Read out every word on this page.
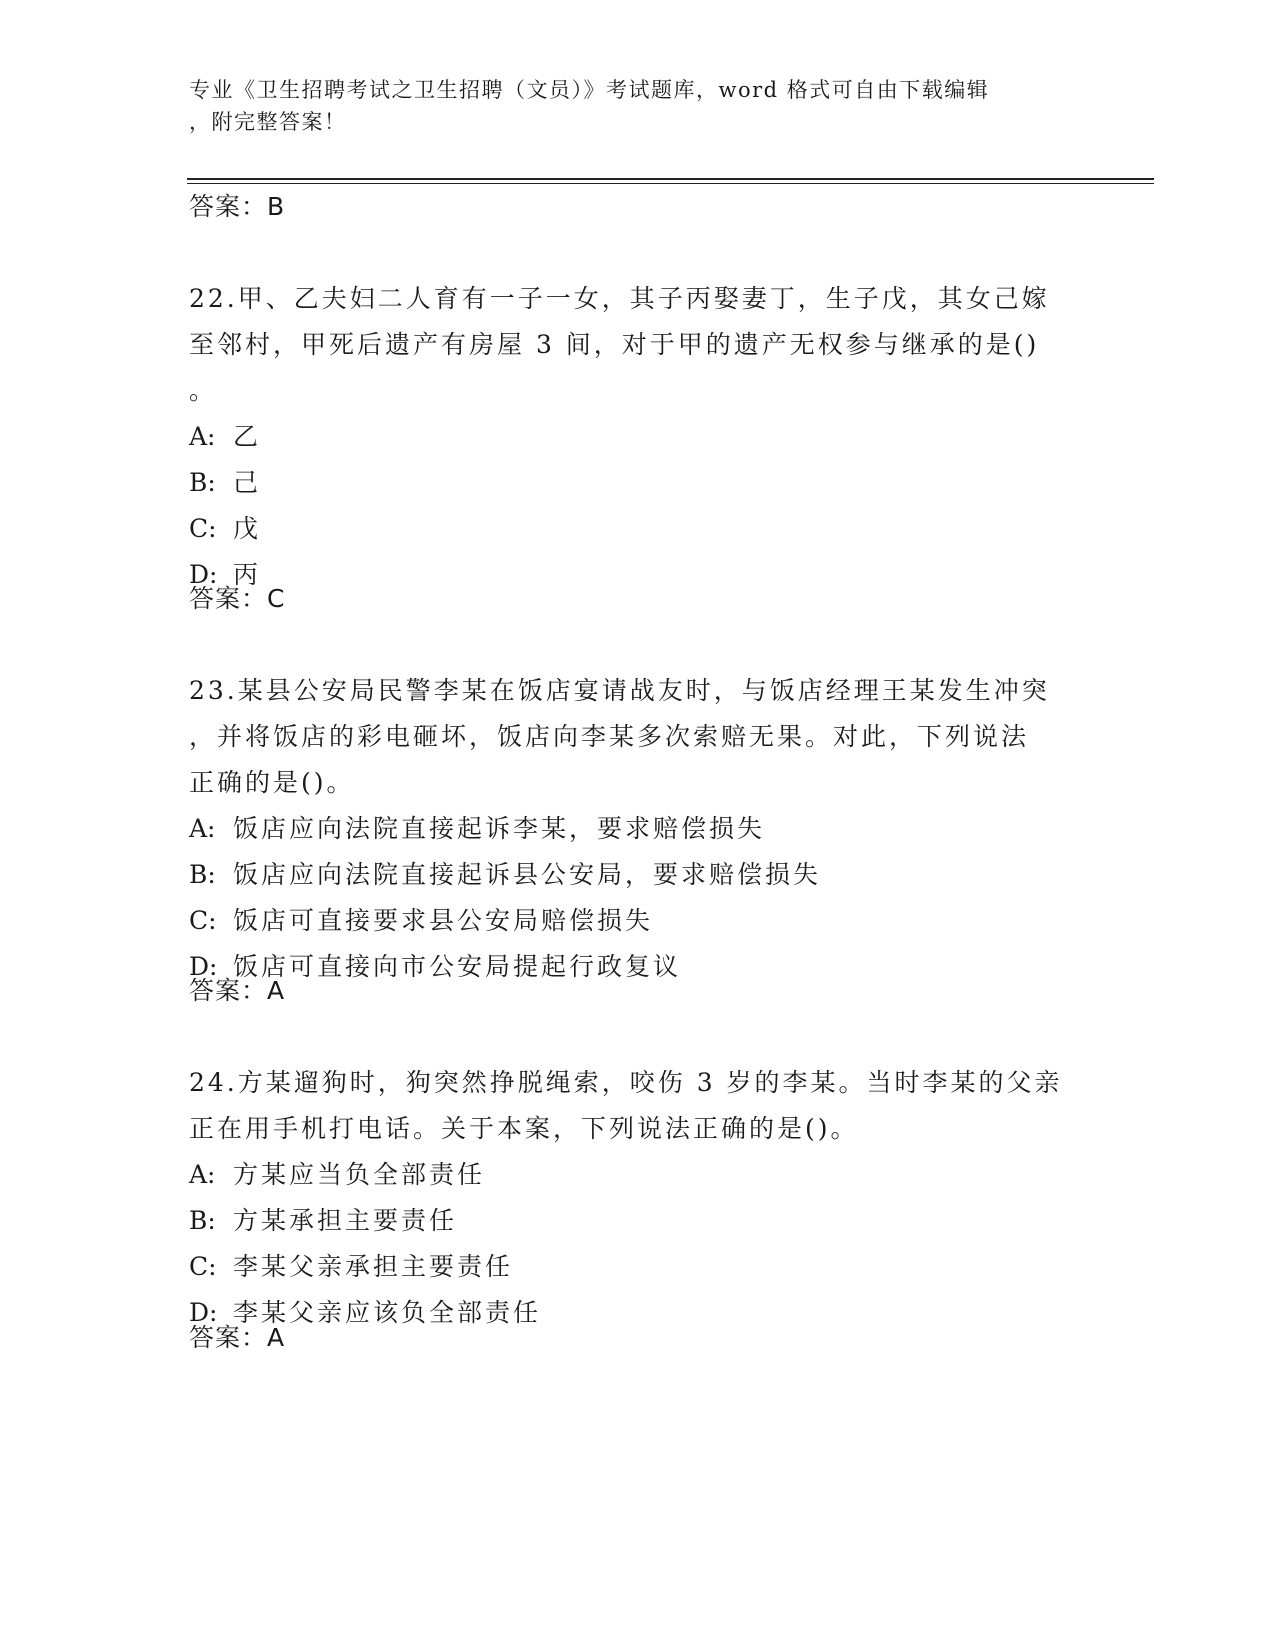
专业《卫生招聘考试之卫生招聘（文员）》考试题库，word 格式可自由下载编辑
，附完整答案！
答案：B
22.甲、乙夫妇二人育有一子一女，其子丙娶妻丁，生子戊，其女己嫁
至邻村，甲死后遗产有房屋 3 间，对于甲的遗产无权参与继承的是()
。
A: 乙
B: 己
C: 戊
D: 丙
答案：C
23.某县公安局民警李某在饭店宴请战友时，与饭店经理王某发生冲突
，并将饭店的彩电砸坏，饭店向李某多次索赔无果。对此，下列说法
正确的是()。
A: 饭店应向法院直接起诉李某，要求赔偿损失
B: 饭店应向法院直接起诉县公安局，要求赔偿损失
C: 饭店可直接要求县公安局赔偿损失
D: 饭店可直接向市公安局提起行政复议
答案：A
24.方某遛狗时，狗突然挣脱绳索，咬伤 3 岁的李某。当时李某的父亲
正在用手机打电话。关于本案，下列说法正确的是()。
A: 方某应当负全部责任
B: 方某承担主要责任
C: 李某父亲承担主要责任
D: 李某父亲应该负全部责任
答案：A
